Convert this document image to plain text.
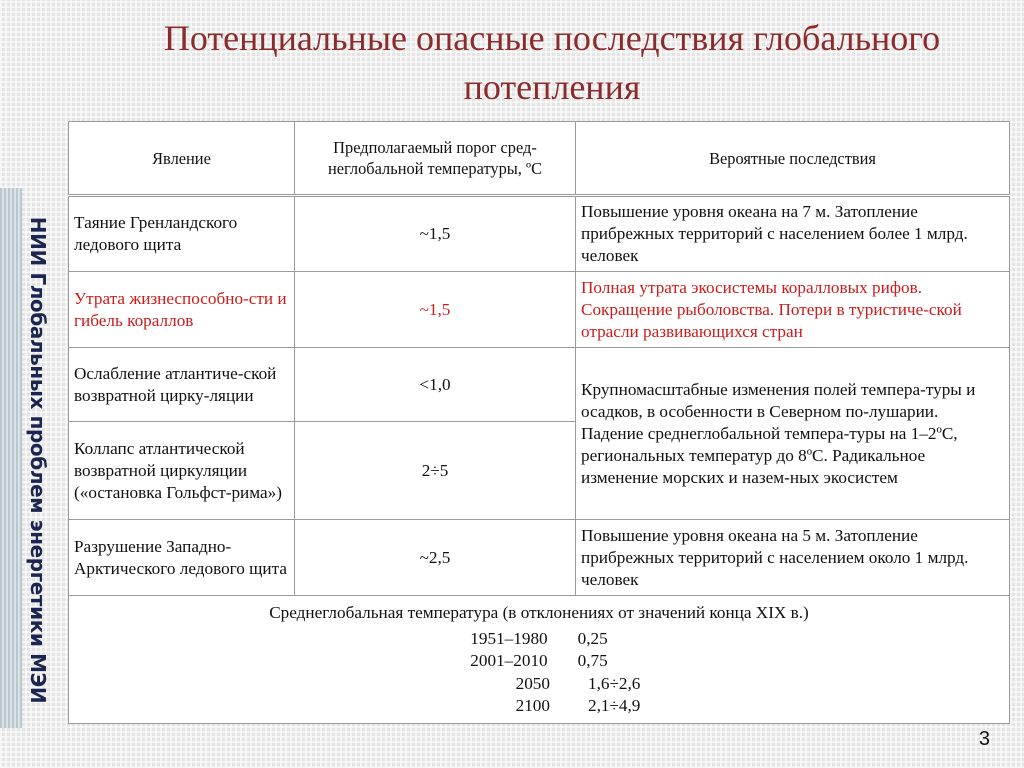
Потенциальные опасные последствия глобального
потепления
НИИ Глобальных проблем энергетики МЭИ
Явление	Предполагаемый порог сред-неглобальной температуры, ºС	Вероятные последствия
Таяние Гренландского ледового щита	~1,5	Повышение уровня океана на 7 м. Затопление прибрежных территорий с населением более 1 млрд. человек
Утрата жизнеспособно-сти и гибель кораллов	~1,5	Полная утрата экосистемы коралловых рифов. Сокращение рыболовства. Потери в туристиче-ской отрасли развивающихся стран
Ослабление атлантиче-ской возвратной цирку-ляции	<1,0	Крупномасштабные изменения полей темпера-туры и осадков, в особенности в Северном по-лушарии. Падение среднеглобальной темпера-туры на 1–2ºС, региональных температур до 8ºС. Радикальное изменение морских и назем-ных экосистем
Коллапс атлантической возвратной циркуляции («остановка Гольфст-рима»)	2÷5	
Разрушение Западно-Арктического ледового щита	~2,5	Повышение уровня океана на 5 м. Затопление прибрежных территорий с населением около 1 млрд. человек

Среднеглобальная температура (в отклонениях от значений конца XIX в.)
1951–1980 0,25
2001–2010 0,75
2050 1,6÷2,6
2100 2,1÷4,9		
3
